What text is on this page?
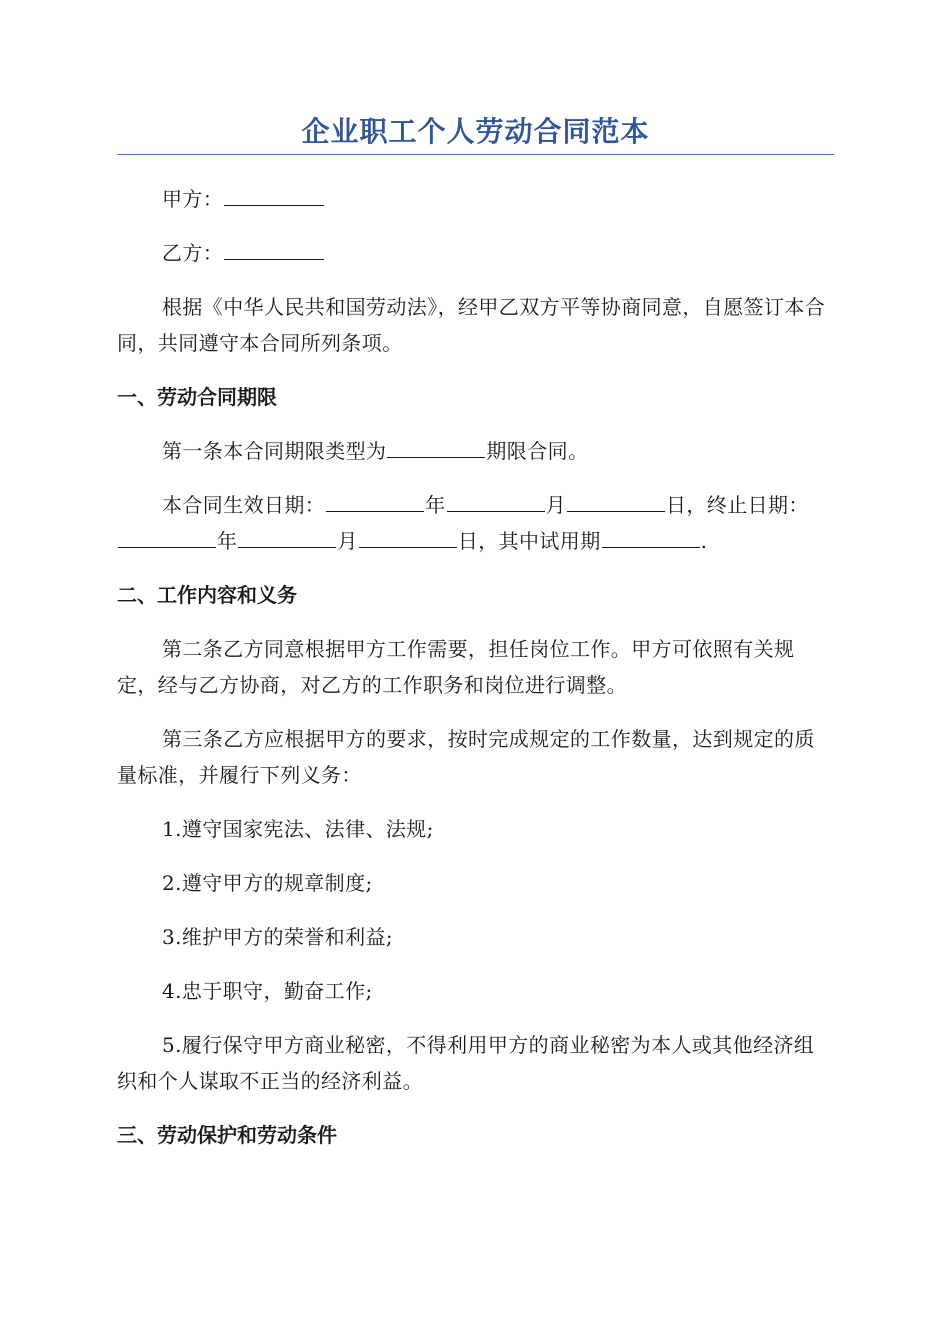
企业职工个人劳动合同范本

甲方：

乙方：

根据《中华人民共和国劳动法》，经甲乙双方平等协商同意，自愿签订本合同，共同遵守本合同所列条项。

一、劳动合同期限

第一条本合同期限类型为	期限合同。

本合同生效日期：	年	月	日，终止日期：年	月	日，其中试用期	.

二、工作内容和义务

第二条乙方同意根据甲方工作需要，担任岗位工作。甲方可依照有关规定，经与乙方协商，对乙方的工作职务和岗位进行调整。

第三条乙方应根据甲方的要求，按时完成规定的工作数量，达到规定的质量标准，并履行下列义务：

1.遵守国家宪法、法律、法规;

2.遵守甲方的规章制度;

3.维护甲方的荣誉和利益;

4.忠于职守，勤奋工作;

5.履行保守甲方商业秘密，不得利用甲方的商业秘密为本人或其他经济组织和个人谋取不正当的经济利益。

三、劳动保护和劳动条件
